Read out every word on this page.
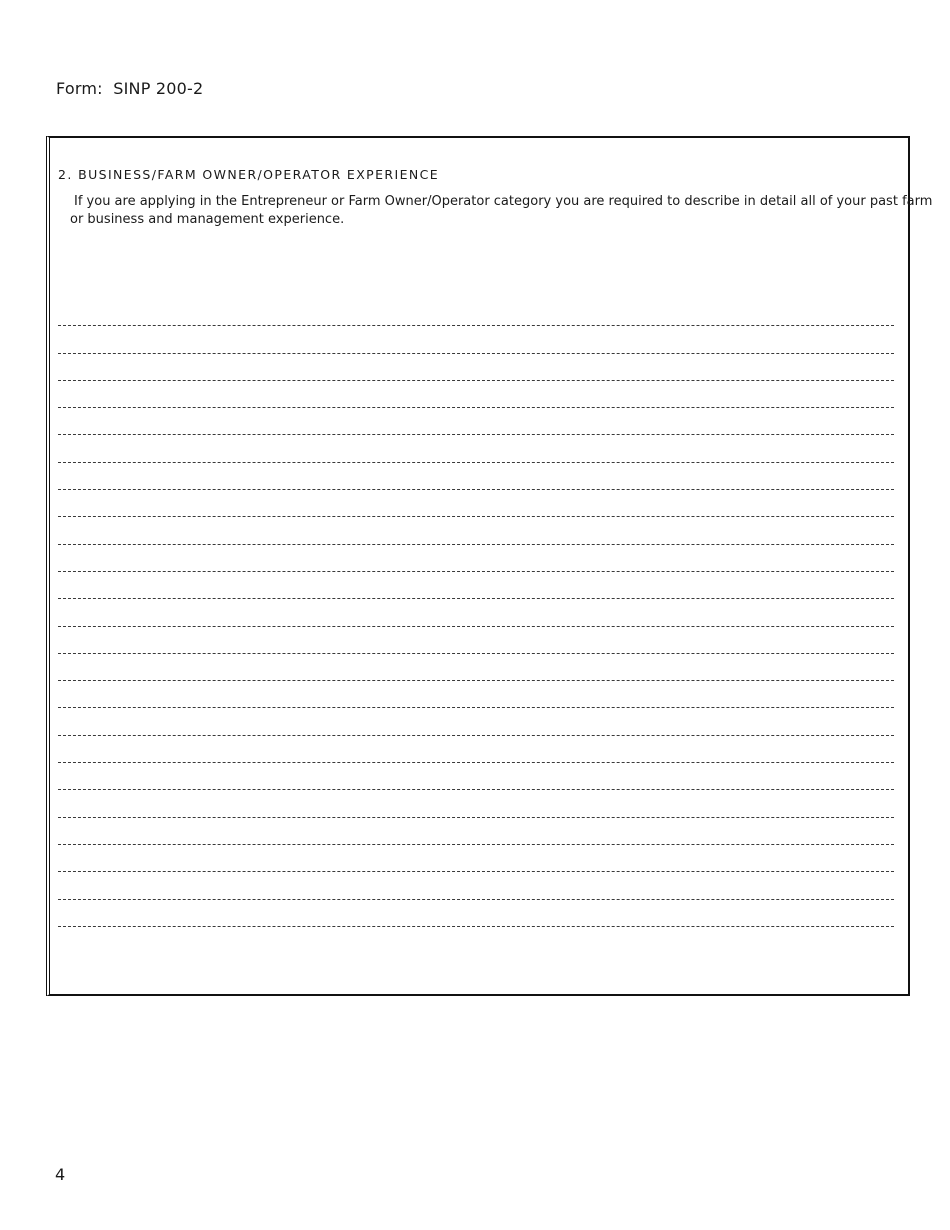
Form:  SINP 200-2
2. BUSINESS/FARM OWNER/OPERATOR EXPERIENCE

If you are applying in the Entrepreneur or Farm Owner/Operator category you are required to describe in detail all of your past farm
or business and management experience.

4
